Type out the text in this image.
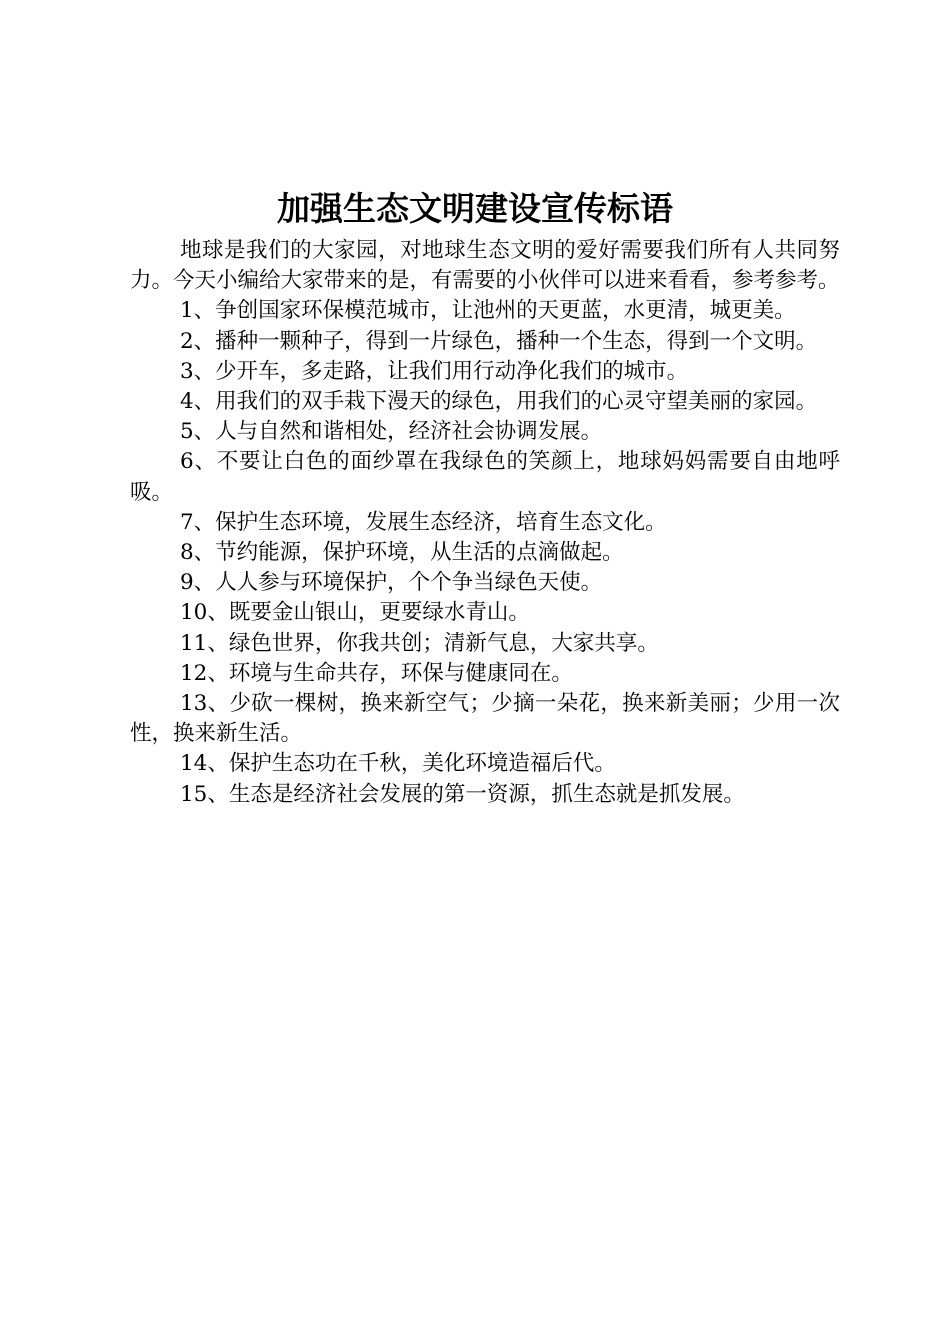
加强生态文明建设宣传标语

地球是我们的大家园，对地球生态文明的爱好需要我们所有人共同努力。今天小编给大家带来的是，有需要的小伙伴可以进来看看，参考参考。

1、争创国家环保模范城市，让池州的天更蓝，水更清，城更美。

2、播种一颗种子，得到一片绿色，播种一个生态，得到一个文明。

3、少开车，多走路，让我们用行动净化我们的城市。

4、用我们的双手栽下漫天的绿色，用我们的心灵守望美丽的家园。

5、人与自然和谐相处，经济社会协调发展。

6、不要让白色的面纱罩在我绿色的笑颜上，地球妈妈需要自由地呼吸。

7、保护生态环境，发展生态经济，培育生态文化。

8、节约能源，保护环境，从生活的点滴做起。

9、人人参与环境保护，个个争当绿色天使。

10、既要金山银山，更要绿水青山。

11、绿色世界，你我共创；清新气息，大家共享。

12、环境与生命共存，环保与健康同在。

13、少砍一棵树，换来新空气；少摘一朵花，换来新美丽；少用一次性，换来新生活。

14、保护生态功在千秋，美化环境造福后代。

15、生态是经济社会发展的第一资源，抓生态就是抓发展。
